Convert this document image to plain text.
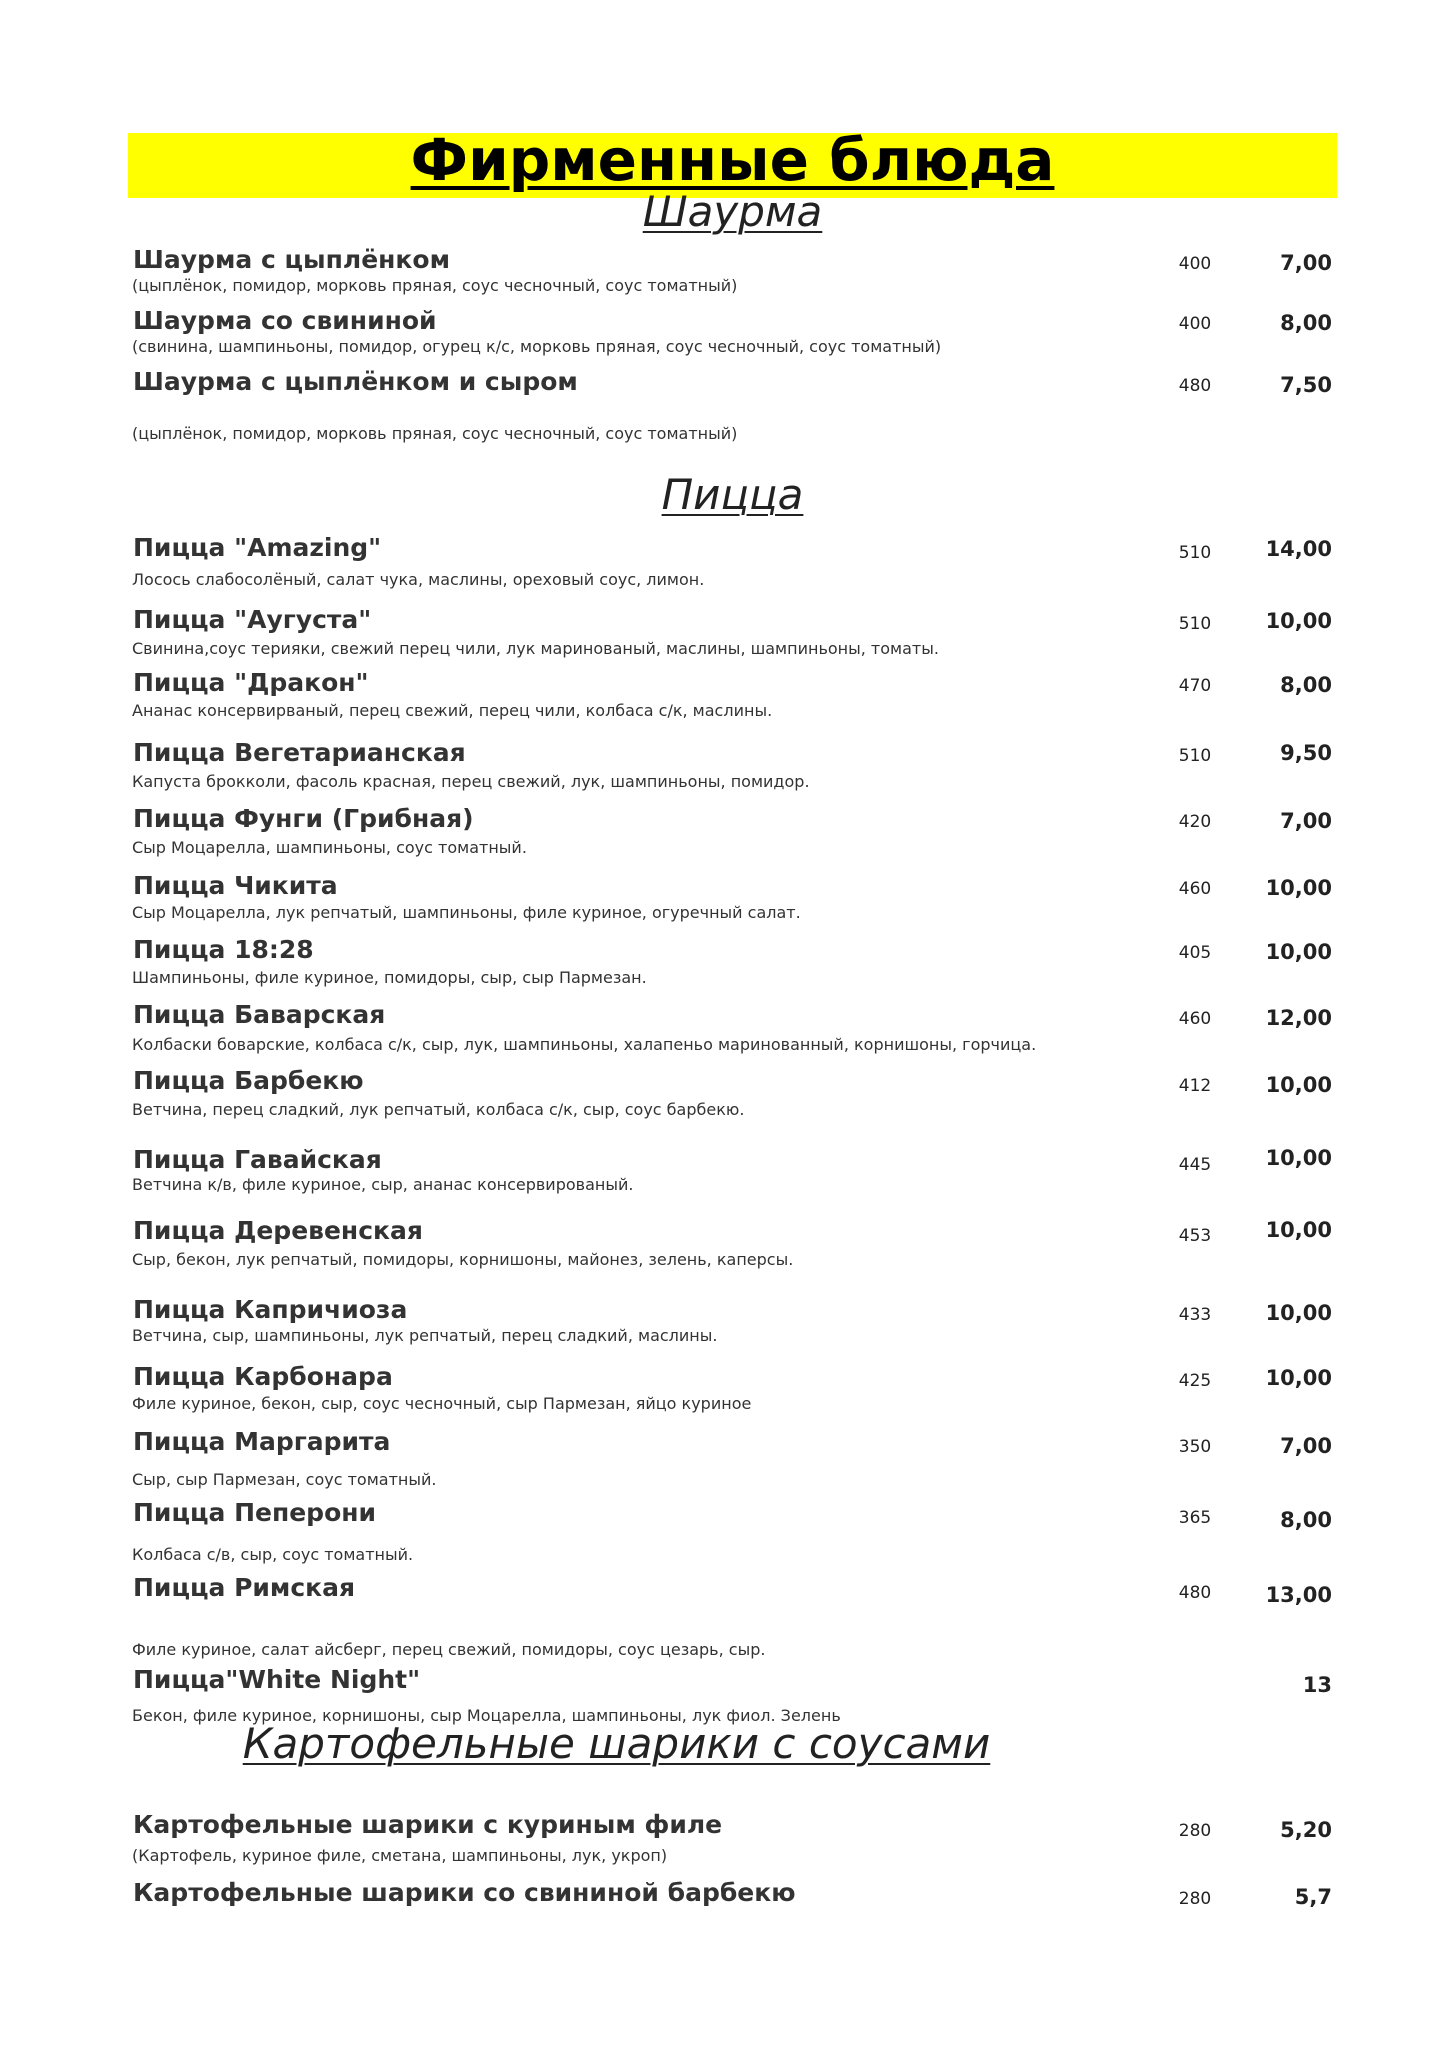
Фирменные блюда
Шаурма
Шаурма с цыплёнком
(цыплёнок, помидор, морковь пряная, соус чесночный, соус томатный)
400	7,00
Шаурма со свининой
(свинина, шампиньоны, помидор, огурец к/с, морковь пряная, соус чесночный, соус томатный)
400	8,00
Шаурма с цыплёнком и сыром
(цыплёнок, помидор, морковь пряная, соус чесночный, соус томатный)
480	7,50
Пицца
Пицца "Amazing"
Лосось слабосолёный, салат чука, маслины, ореховый соус, лимон.
510	14,00
Пицца "Аугуста"
Свинина,соус терияки, свежий перец чили, лук маринованый, маслины, шампиньоны, томаты.
510	10,00
Пицца "Дракон"
Ананас консервирваный, перец свежий, перец чили, колбаса с/к, маслины.
470	8,00
Пицца Вегетарианская
Капуста брокколи, фасоль красная, перец свежий, лук, шампиньоны, помидор.
510	9,50
Пицца Фунги (Грибная)
Сыр Моцарелла, шампиньоны, соус томатный.
420	7,00
Пицца Чикита
Сыр Моцарелла, лук репчатый, шампиньоны, филе куриное, огуречный салат.
460	10,00
Пицца 18:28
Шампиньоны, филе куриное, помидоры, сыр, сыр Пармезан.
405	10,00
Пицца Баварская
Колбаски боварские, колбаса с/к, сыр, лук, шампиньоны, халапеньо маринованный, корнишоны, горчица.
460	12,00
Пицца Барбекю
Ветчина, перец сладкий, лук репчатый, колбаса с/к, сыр, соус барбекю.
412	10,00
Пицца Гавайская
Ветчина к/в, филе куриное, сыр, ананас консервированый.
445	10,00
Пицца Деревенская
Сыр, бекон, лук репчатый, помидоры, корнишоны, майонез, зелень, каперсы.
453	10,00
Пицца Капричиоза
Ветчина, сыр, шампиньоны, лук репчатый, перец сладкий, маслины.
433	10,00
Пицца Карбонара
Филе куриное, бекон, сыр, соус чесночный, сыр Пармезан, яйцо куриное
425	10,00
Пицца Маргарита
Сыр, сыр Пармезан, соус томатный.
350	7,00
Пицца Пеперони
Колбаса с/в, сыр, соус томатный.
365	8,00
Пицца Римская
Филе куриное, салат айсберг, перец свежий, помидоры, соус цезарь, сыр.
480	13,00
Пицца"White Night"
Бекон, филе куриное, корнишоны, сыр Моцарелла, шампиньоны, лук фиол. Зелень
13
Картофельные шарики с соусами
Картофельные шарики с куриным филе
(Картофель, куриное филе, сметана, шампиньоны, лук, укроп)
280	5,20
Картофельные шарики со свининой барбекю	280	5,7
